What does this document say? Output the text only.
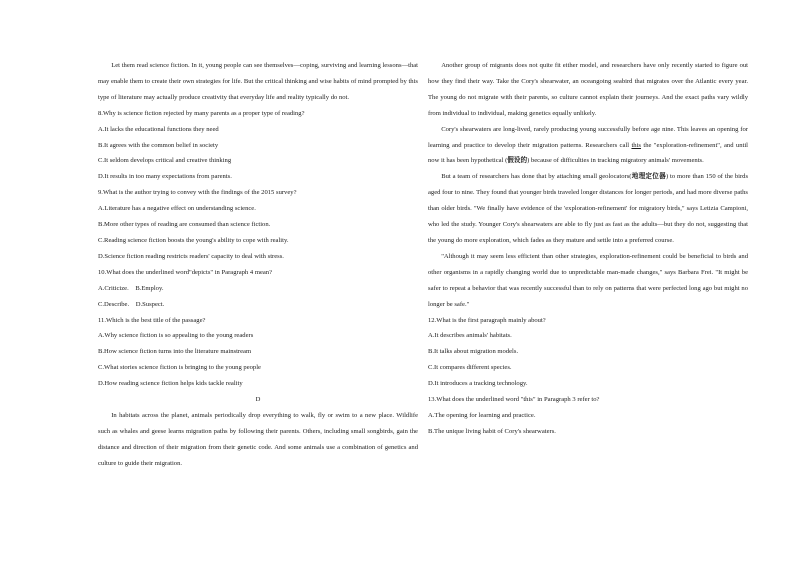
Let them read science fiction. In it, young people can see themselves—coping, surviving and learning lessons—that may enable them to create their own strategies for life. But the critical thinking and wise habits of mind prompted by this type of literature may actually produce creativity that everyday life and reality typically do not.

8.Why is science fiction rejected by many parents as a proper type of reading?

A.It lacks the educational functions they need

B.It agrees with the common belief in society

C.It seldom develops critical and creative thinking

D.It results in too many expectations from parents.

9.What is the author trying to convey with the findings of the 2015 survey?

A.Literature has a negative effect on understanding science.

B.More other types of reading are consumed than science fiction.

C.Reading science fiction boosts the young's ability to cope with reality.

D.Science fiction reading restricts readers' capacity to deal with stress.

10.What does the underlined word"depicts" in Paragraph 4 mean?

A.Criticize.    B.Employ.

C.Describe.    D.Suspect.

11.Which is the best title of the passage?

A.Why science fiction is so appealing to the young readers

B.How science fiction turns into the literature mainstream

C.What stories science fiction is bringing to the young people

D.How reading science fiction helps kids tackle reality

D

In habitats across the planet, animals periodically drop everything to walk, fly or swim to a new place. Wildlife such as whales and geese learns migration paths by following their parents. Others, including small songbirds, gain the distance and direction of their migration from their genetic code. And some animals use a combination of genetics and culture to guide their migration.

Another group of migrants does not quite fit either model, and researchers have only recently started to figure out how they find their way. Take the Cory's shearwater, an oceangoing seabird that migrates over the Atlantic every year. The young do not migrate with their parents, so culture cannot explain their journeys. And the exact paths vary wildly from individual to individual, making genetics equally unlikely.

Cory's shearwaters are long-lived, rarely producing young successfully before age nine. This leaves an opening for learning and practice to develop their migration patterns. Researchers call this the "exploration-refinement", and until now it has been hypothetical (假设的) because of difficulties in tracking migratory animals' movements.

But a team of researchers has done that by attaching small geolocators(地理定位器) to more than 150 of the birds aged four to nine. They found that younger birds traveled longer distances for longer periods, and had more diverse paths than older birds. "We finally have evidence of the 'exploration-refinement' for migratory birds," says Letizia Campioni, who led the study. Younger Cory's shearwaters are able to fly just as fast as the adults—but they do not, suggesting that the young do more exploration, which fades as they mature and settle into a preferred course.

"Although it may seem less efficient than other strategies, exploration-refinement could be beneficial to birds and other organisms in a rapidly changing world due to unpredictable man-made changes," says Barbara Frei. "It might be safer to repeat a behavior that was recently successful than to rely on patterns that were perfected long ago but might no longer be safe."

12.What is the first paragraph mainly about?

A.It describes animals' habitats.

B.It talks about migration models.

C.It compares different species.

D.It introduces a tracking technology.

13.What does the underlined word "this" in Paragraph 3 refer to?

A.The opening for learning and practice.

B.The unique living habit of Cory's shearwaters.
